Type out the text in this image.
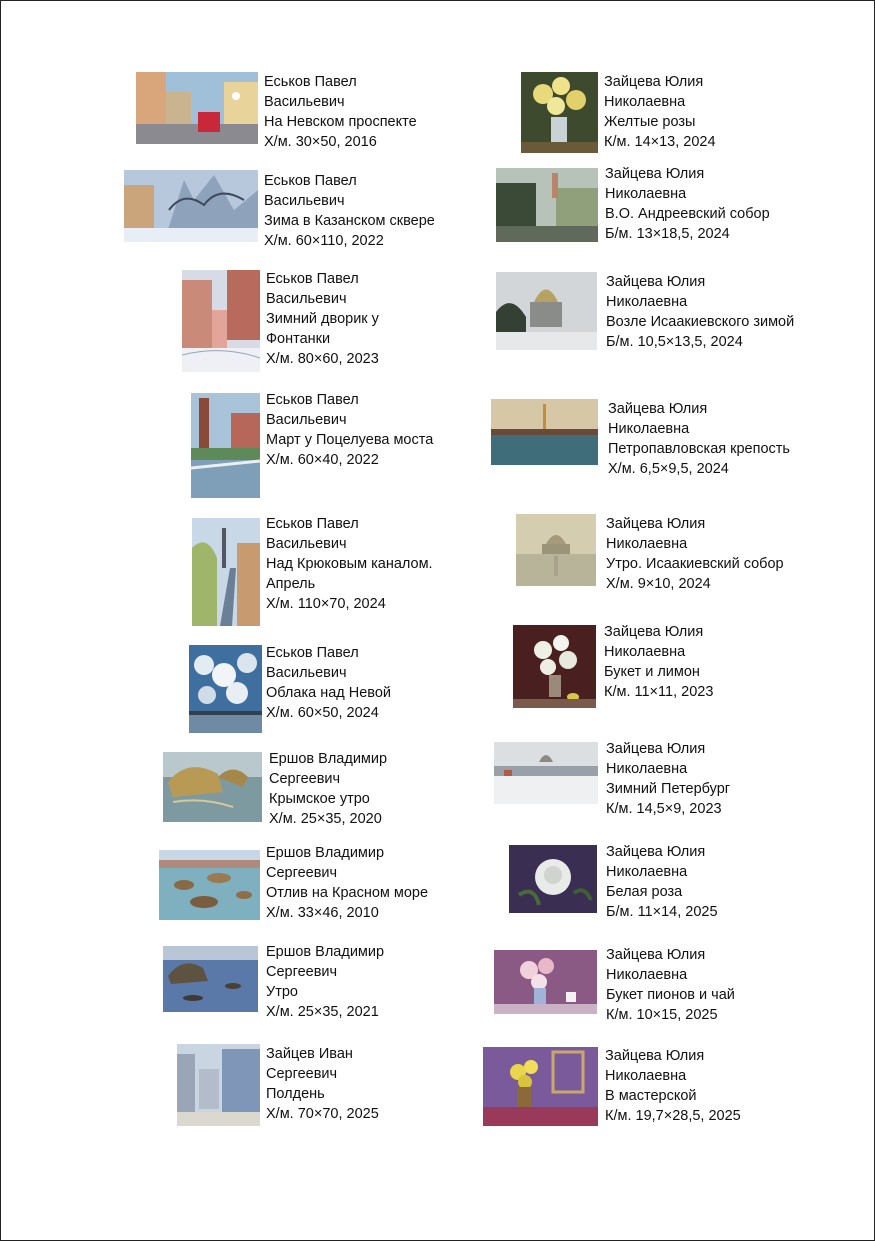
Еськов Павел
Васильевич
На Невском проспекте
Х/м. 30×50, 2016
Еськов Павел
Васильевич
Зима в Казанском сквере
Х/м. 60×110, 2022
Еськов Павел
Васильевич
Зимний дворик у
Фонтанки
Х/м. 80×60, 2023
Еськов Павел
Васильевич
Март у Поцелуева моста
Х/м. 60×40, 2022
Еськов Павел
Васильевич
Над Крюковым каналом.
Апрель
Х/м. 110×70, 2024
Еськов Павел
Васильевич
Облака над Невой
Х/м. 60×50, 2024
Ершов Владимир
Сергеевич
Крымское утро
Х/м. 25×35, 2020
Ершов Владимир
Сергеевич
Отлив на Красном море
Х/м. 33×46, 2010
Ершов Владимир
Сергеевич
Утро
Х/м. 25×35, 2021
Зайцев Иван
Сергеевич
Полдень
Х/м. 70×70, 2025
Зайцева Юлия
Николаевна
Желтые розы
К/м. 14×13, 2024
Зайцева Юлия
Николаевна
В.О. Андреевский собор
Б/м. 13×18,5, 2024
Зайцева Юлия
Николаевна
Возле Исаакиевского зимой
Б/м. 10,5×13,5, 2024
Зайцева Юлия
Николаевна
Петропавловская крепость
Х/м. 6,5×9,5, 2024
Зайцева Юлия
Николаевна
Утро. Исаакиевский собор
Х/м. 9×10, 2024
Зайцева Юлия
Николаевна
Букет и лимон
К/м. 11×11, 2023
Зайцева Юлия
Николаевна
Зимний Петербург
К/м. 14,5×9, 2023
Зайцева Юлия
Николаевна
Белая роза
Б/м. 11×14, 2025
Зайцева Юлия
Николаевна
Букет пионов и чай
К/м. 10×15, 2025
Зайцева Юлия
Николаевна
В мастерской
К/м. 19,7×28,5, 2025
